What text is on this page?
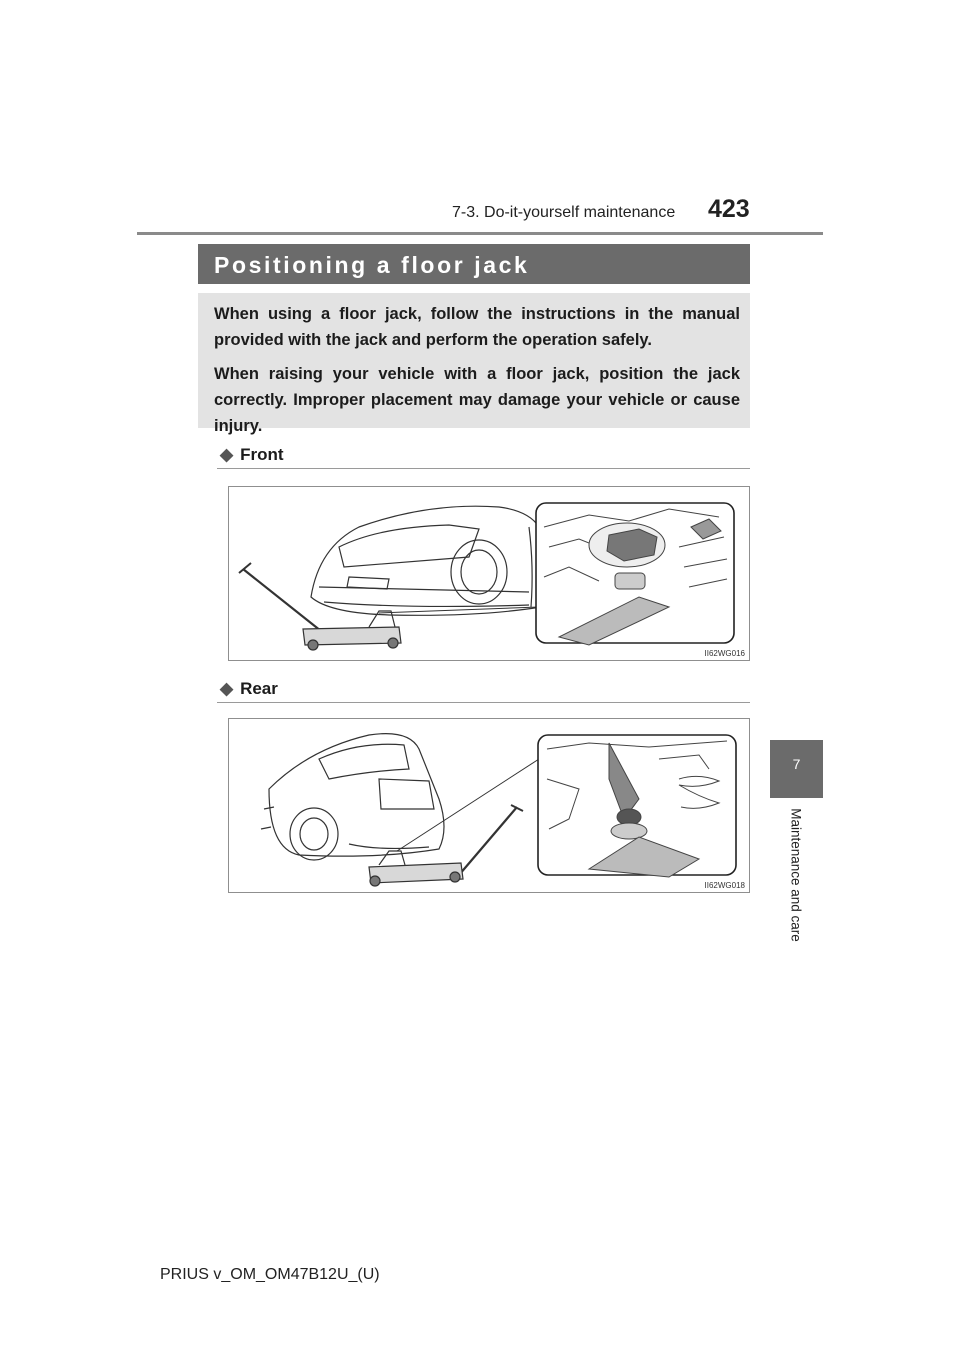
7-3. Do-it-yourself maintenance 423
Positioning a floor jack

When using a floor jack, follow the instructions in the manual provided with the jack and perform the operation safely.

When raising your vehicle with a floor jack, position the jack correctly. Improper placement may damage your vehicle or cause injury.

◆ Front
II62WG016
◆ Rear
II62WG018
7
Maintenance and care
PRIUS v_OM_OM47B12U_(U)
